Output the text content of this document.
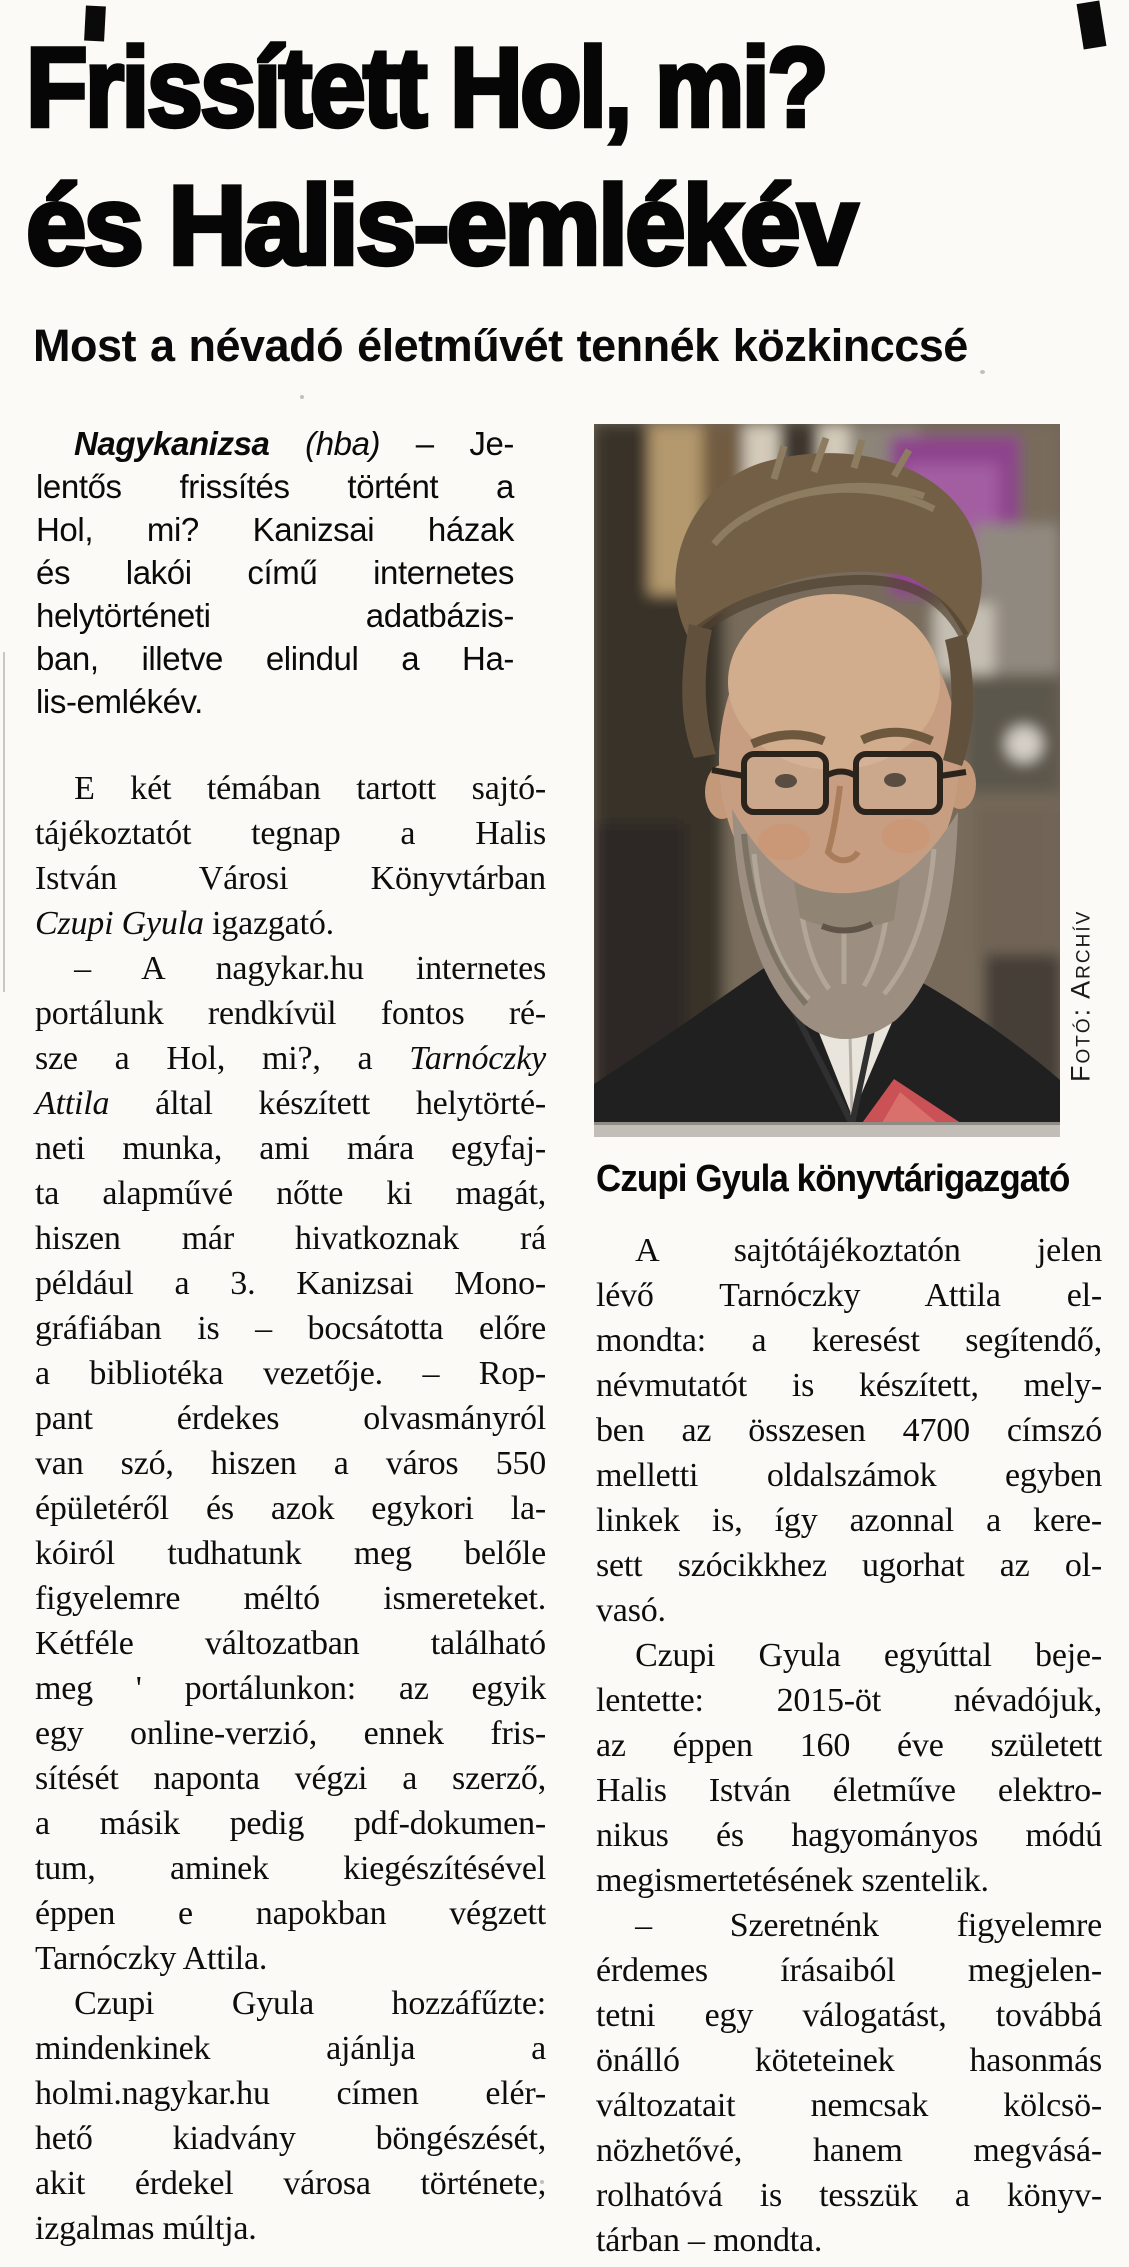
Frissített Hol, mi?
és Halis-emlékév
Most a névadó életművét tennék közkinccsé
Nagykanizsa (hba) – Je-
lentős frissítés történt a
Hol, mi? Kanizsai házak
és lakói című internetes
helytörténeti adatbázis-
ban, illetve elindul a Ha-
lis-emlékév.
Fotó: Archív
Czupi Gyula könyvtárigazgató
E két témában tartott sajtó-
tájékoztatót tegnap a Halis
István Városi Könyvtárban
Czupi Gyula igazgató.
– A nagykar.hu internetes
portálunk rendkívül fontos ré-
sze a Hol, mi?, a Tarnóczky
Attila által készített helytörté-
neti munka, ami mára egyfaj-
ta alapművé nőtte ki magát,
hiszen már hivatkoznak rá
például a 3. Kanizsai Mono-
gráfiában is – bocsátotta előre
a bibliotéka vezetője. – Rop-
pant érdekes olvasmányról
van szó, hiszen a város 550
épületéről és azok egykori la-
kóiról tudhatunk meg belőle
figyelemre méltó ismereteket.
Kétféle változatban található
meg ' portálunkon: az egyik
egy online-verzió, ennek fris-
sítését naponta végzi a szerző,
a másik pedig pdf-dokumen-
tum, aminek kiegészítésével
éppen e napokban végzett
Tarnóczky Attila.
Czupi Gyula hozzáfűzte:
mindenkinek ajánlja a
holmi.nagykar.hu címen elér-
hető kiadvány böngészését,
akit érdekel városa története,
izgalmas múltja.
A sajtótájékoztatón jelen
lévő Tarnóczky Attila el-
mondta: a keresést segítendő,
névmutatót is készített, mely-
ben az összesen 4700 címszó
melletti oldalszámok egyben
linkek is, így azonnal a kere-
sett szócikkhez ugorhat az ol-
vasó.
Czupi Gyula egyúttal beje-
lentette: 2015-öt névadójuk,
az éppen 160 éve született
Halis István életműve elektro-
nikus és hagyományos módú
megismertetésének szentelik.
– Szeretnénk figyelemre
érdemes írásaiból megjelen-
tetni egy válogatást, továbbá
önálló köteteinek hasonmás
változatait nemcsak kölcsö-
nözhetővé, hanem megvásá-
rolhatóvá is tesszük a könyv-
tárban – mondta.
